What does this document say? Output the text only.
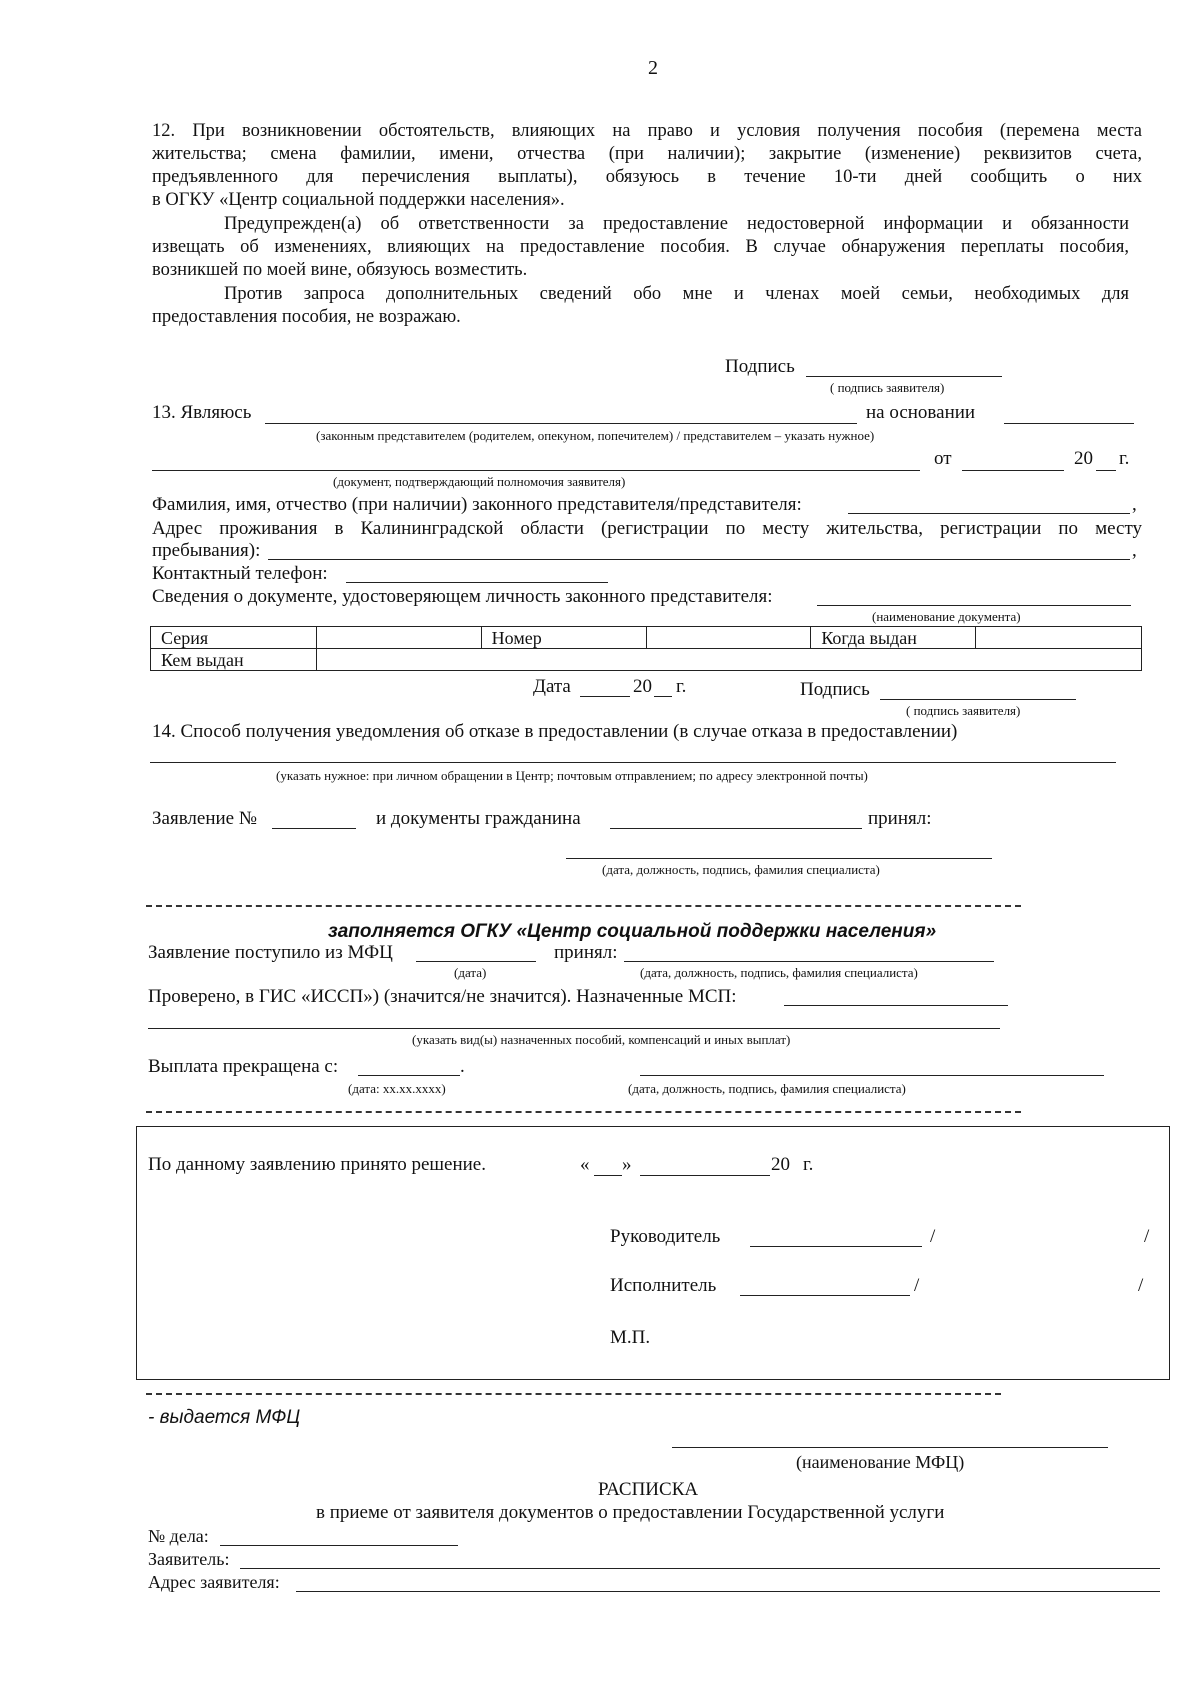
2
12. При возникновении обстоятельств, влияющих на право и условия получения пособия (перемена места
жительства; смена фамилии, имени, отчества (при наличии); закрытие (изменение) реквизитов счета,
предъявленного для перечисления выплаты), обязуюсь в течение 10-ти дней сообщить о них
в ОГКУ «Центр социальной поддержки населения».
Предупрежден(а) об ответственности за предоставление недостоверной информации и обязанности
извещать об изменениях, влияющих на предоставление пособия. В случае обнаружения переплаты пособия,
возникшей по моей вине, обязуюсь возместить.
Против запроса дополнительных сведений обо мне и членах моей семьи, необходимых для
предоставления пособия, не возражаю.
Подпись
( подпись заявителя)
13. Являюсь	на основании
(законным представителем (родителем, опекуном, попечителем) / представителем – указать нужное)
от	20 г.
(документ, подтверждающий полномочия заявителя)
Фамилия, имя, отчество (при наличии) законного представителя/представителя:	,
Адрес проживания в Калининградской области (регистрации по месту жительства, регистрации по месту
пребывания):	,
Контактный телефон:
Сведения о документе, удостоверяющем личность законного представителя:
(наименование документа)
Серия		Номер		Когда выдан	
Кем выдан					
Дата	20 г.	Подпись
( подпись заявителя)
14. Способ получения уведомления об отказе в предоставлении (в случае отказа в предоставлении)
(указать нужное: при личном обращении в Центр; почтовым отправлением; по адресу электронной почты)
Заявление №	и документы гражданина	принял:
(дата, должность, подпись, фамилия специалиста)
заполняется ОГКУ «Центр социальной поддержки населения»
Заявление поступило из МФЦ	принял:
(дата)	(дата, должность, подпись, фамилия специалиста)
Проверено, в ГИС «ИССП») (значится/не значится). Назначенные МСП:
(указать вид(ы) назначенных пособий, компенсаций и иных выплат)
Выплата прекращена с:	.
(дата: хх.хх.хххх)	(дата, должность, подпись, фамилия специалиста)
По данному заявлению принято решение.	« »	20 г.
Руководитель	/	/
Исполнитель	/	/
М.П.
- выдается МФЦ
(наименование МФЦ)
РАСПИСКА
в приеме от заявителя документов о предоставлении Государственной услуги
№ дела:
Заявитель:
Адрес заявителя:
